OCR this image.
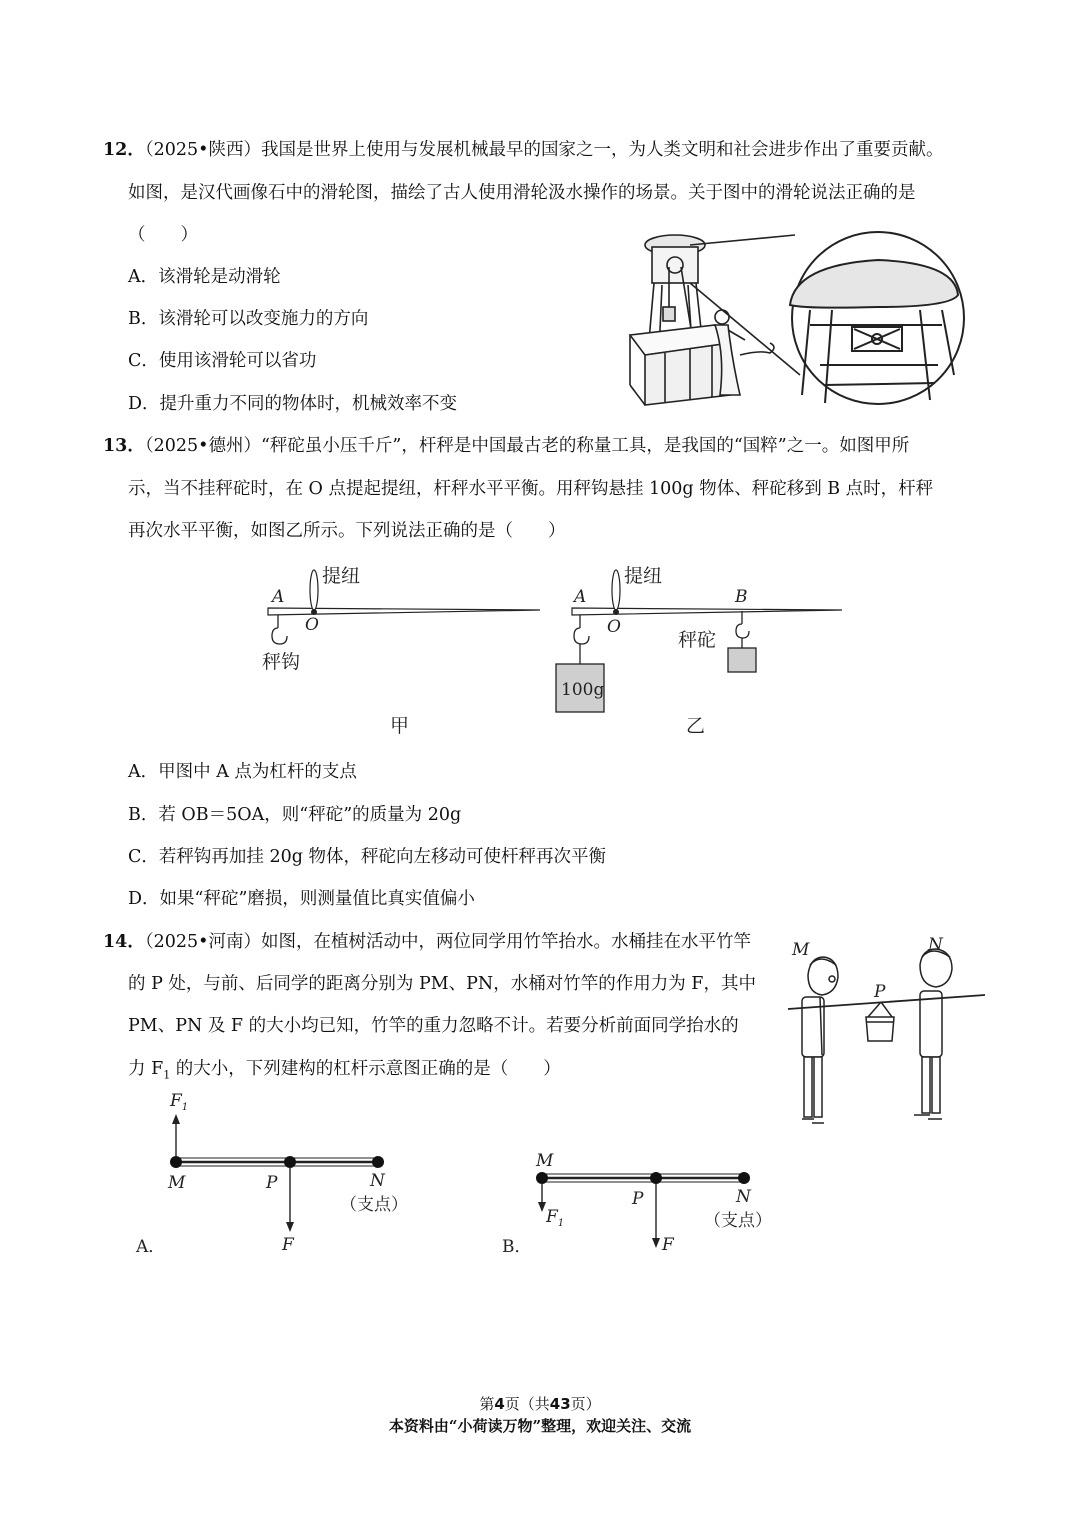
12．（2025•陕西）我国是世界上使用与发展机械最早的国家之一，为人类文明和社会进步作出了重要贡献。
如图，是汉代画像石中的滑轮图，描绘了古人使用滑轮汲水操作的场景。关于图中的滑轮说法正确的是
（　　）
A．该滑轮是动滑轮
B．该滑轮可以改变施力的方向
C．使用该滑轮可以省功
D．提升重力不同的物体时，机械效率不变
13．（2025•德州）“秤砣虽小压千斤”，杆秤是中国最古老的称量工具，是我国的“国粹”之一。如图甲所
示，当不挂秤砣时，在 O 点提起提纽，杆秤水平平衡。用秤钩悬挂 100g 物体、秤砣移到 B 点时，杆秤
再次水平平衡，如图乙所示。下列说法正确的是（　　）
提纽
A
O
秤钩
甲
100g
提纽
A
O
B
秤砣
乙
A．甲图中 A 点为杠杆的支点
B．若 OB＝5OA，则“秤砣”的质量为 20g
C．若秤钩再加挂 20g 物体，秤砣向左移动可使杆秤再次平衡
D．如果“秤砣”磨损，则测量值比真实值偏小
14．（2025•河南）如图，在植树活动中，两位同学用竹竿抬水。水桶挂在水平竹竿
的 P 处，与前、后同学的距离分别为 PM、PN，水桶对竹竿的作用力为 F，其中
PM、PN 及 F 的大小均已知，竹竿的重力忽略不计。若要分析前面同学抬水的
力 $F_1$ 的大小，下列建构的杠杆示意图正确的是（　　）
M	N
P
$F_1$
M	P	N
（支点）
F
A．
M
$F_1$
P	N
（支点）
F
B．
第4页（共43页）
本资料由“小荷读万物”整理，欢迎关注、交流
